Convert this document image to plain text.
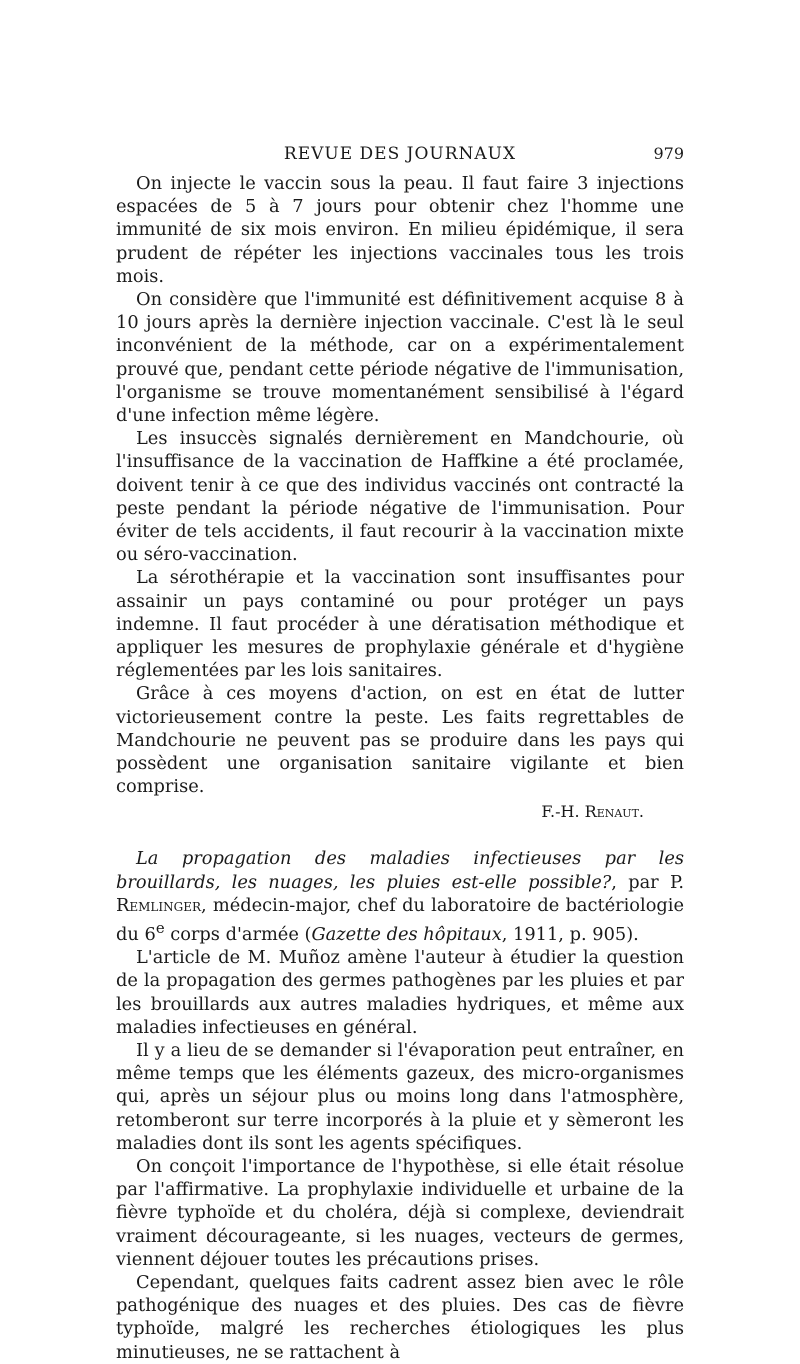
REVUE DES JOURNAUX	979

On injecte le vaccin sous la peau. Il faut faire 3 injections espacées de 5 à 7 jours pour obtenir chez l'homme une immunité de six mois environ. En milieu épidémique, il sera prudent de répéter les injections vaccinales tous les trois mois.

On considère que l'immunité est définitivement acquise 8 à 10 jours après la dernière injection vaccinale. C'est là le seul inconvénient de la méthode, car on a expérimentalement prouvé que, pendant cette période négative de l'immunisation, l'organisme se trouve momentanément sensibilisé à l'égard d'une infection même légère.

Les insuccès signalés dernièrement en Mandchourie, où l'insuffisance de la vaccination de Haffkine a été proclamée, doivent tenir à ce que des individus vaccinés ont contracté la peste pendant la période négative de l'immunisation. Pour éviter de tels accidents, il faut recourir à la vaccination mixte ou séro-vaccination.

La sérothérapie et la vaccination sont insuffisantes pour assainir un pays contaminé ou pour protéger un pays indemne. Il faut procéder à une dératisation méthodique et appliquer les mesures de prophylaxie générale et d'hygiène réglementées par les lois sanitaires.

Grâce à ces moyens d'action, on est en état de lutter victorieusement contre la peste. Les faits regrettables de Mandchourie ne peuvent pas se produire dans les pays qui possèdent une organisation sanitaire vigilante et bien comprise.

F.-H. Renaut.

La propagation des maladies infectieuses par les brouillards, les nuages, les pluies est-elle possible?, par P. Remlinger, médecin-major, chef du laboratoire de bactériologie du 6e corps d'armée (Gazette des hôpitaux, 1911, p. 905).

L'article de M. Muñoz amène l'auteur à étudier la question de la propagation des germes pathogènes par les pluies et par les brouillards aux autres maladies hydriques, et même aux maladies infectieuses en général.

Il y a lieu de se demander si l'évaporation peut entraîner, en même temps que les éléments gazeux, des micro-organismes qui, après un séjour plus ou moins long dans l'atmosphère, retomberont sur terre incorporés à la pluie et y sèmeront les maladies dont ils sont les agents spécifiques.

On conçoit l'importance de l'hypothèse, si elle était résolue par l'affirmative. La prophylaxie individuelle et urbaine de la fièvre typhoïde et du choléra, déjà si complexe, deviendrait vraiment décourageante, si les nuages, vecteurs de germes, viennent déjouer toutes les précautions prises.

Cependant, quelques faits cadrent assez bien avec le rôle pathogénique des nuages et des pluies. Des cas de fièvre typhoïde, malgré les recherches étiologiques les plus minutieuses, ne se rattachent à
